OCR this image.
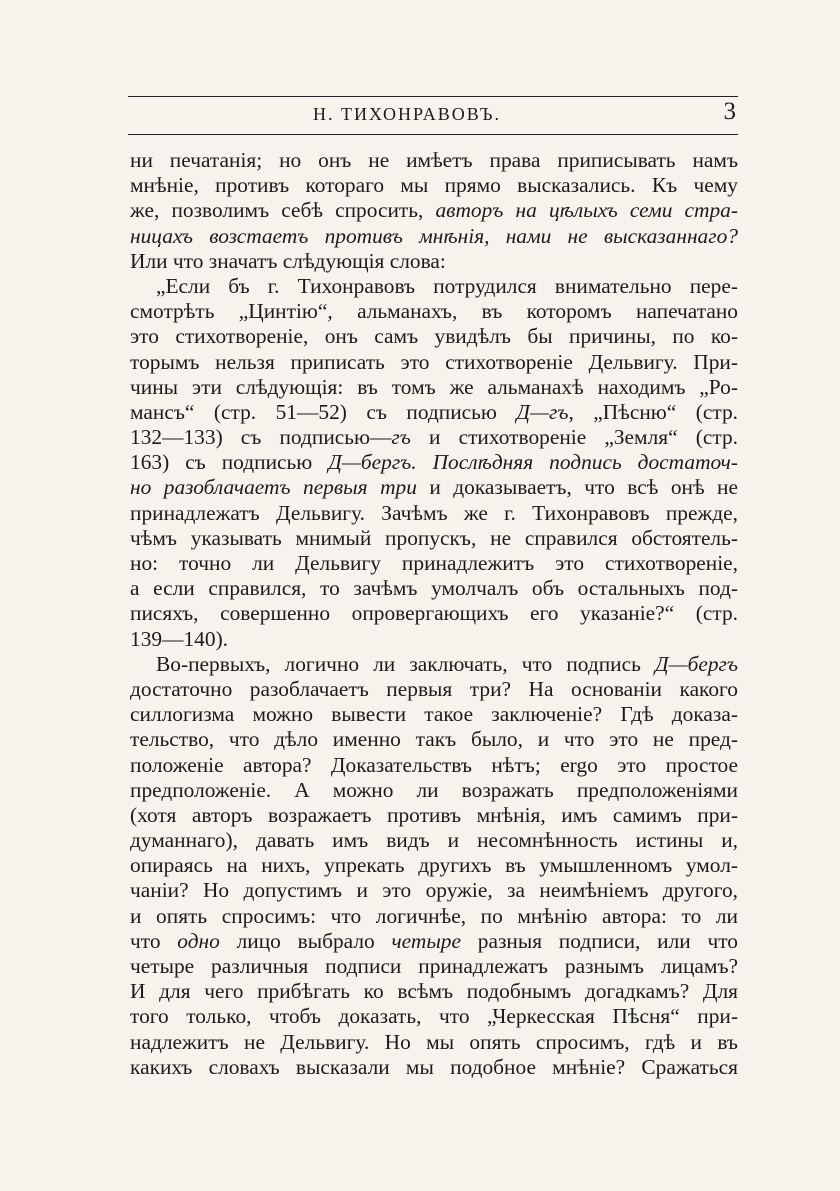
Н. ТИХОНРАВОВЪ.	3
ни печатанія; но онъ не имѣетъ права приписывать намъ
мнѣніе, противъ котораго мы прямо высказались. Къ чему
же, позволимъ себѣ спросить, авторъ на цѣлыхъ семи стра-
ницахъ возстаетъ противъ мнѣнія, нами не высказаннаго?
Или что значатъ слѣдующія слова:
„Если бъ г. Тихонравовъ потрудился внимательно пере-
смотрѣть „Цинтію“, альманахъ, въ которомъ напечатано
это стихотвореніе, онъ самъ увидѣлъ бы причины, по ко-
торымъ нельзя приписать это стихотвореніе Дельвигу. При-
чины эти слѣдующія: въ томъ же альманахѣ находимъ „Ро-
мансъ“ (стр. 51—52) съ подписью Д—гъ, „Пѣсню“ (стр.
132—133) съ подписью—гъ и стихотвореніе „Земля“ (стр.
163) съ подписью Д—бергъ. Послѣдняя подпись достаточ-
но разоблачаетъ первыя три и доказываетъ, что всѣ онѣ не
принадлежатъ Дельвигу. Зачѣмъ же г. Тихонравовъ прежде,
чѣмъ указывать мнимый пропускъ, не справился обстоятель-
но: точно ли Дельвигу принадлежитъ это стихотвореніе,
а если справился, то зачѣмъ умолчалъ объ остальныхъ под-
писяхъ, совершенно опровергающихъ его указаніе?“ (стр.
139—140).
Во-первыхъ, логично ли заключать, что подпись Д—бергъ
достаточно разоблачаетъ первыя три? На основаніи какого
силлогизма можно вывести такое заключеніе? Гдѣ доказа-
тельство, что дѣло именно такъ было, и что это не пред-
положеніе автора? Доказательствъ нѣтъ; ergo это простое
предположеніе. А можно ли возражать предположеніями
(хотя авторъ возражаетъ противъ мнѣнія, имъ самимъ при-
думаннаго), давать имъ видъ и несомнѣнность истины и,
опираясь на нихъ, упрекать другихъ въ умышленномъ умол-
чаніи? Но допустимъ и это оружіе, за неимѣніемъ другого,
и опять спросимъ: что логичнѣе, по мнѣнію автора: то ли
что одно лицо выбрало четыре разныя подписи, или что
четыре различныя подписи принадлежатъ разнымъ лицамъ?
И для чего прибѣгать ко всѣмъ подобнымъ догадкамъ? Для
того только, чтобъ доказать, что „Черкесская Пѣсня“ при-
надлежитъ не Дельвигу. Но мы опять спросимъ, гдѣ и въ
какихъ словахъ высказали мы подобное мнѣніе? Сражаться
